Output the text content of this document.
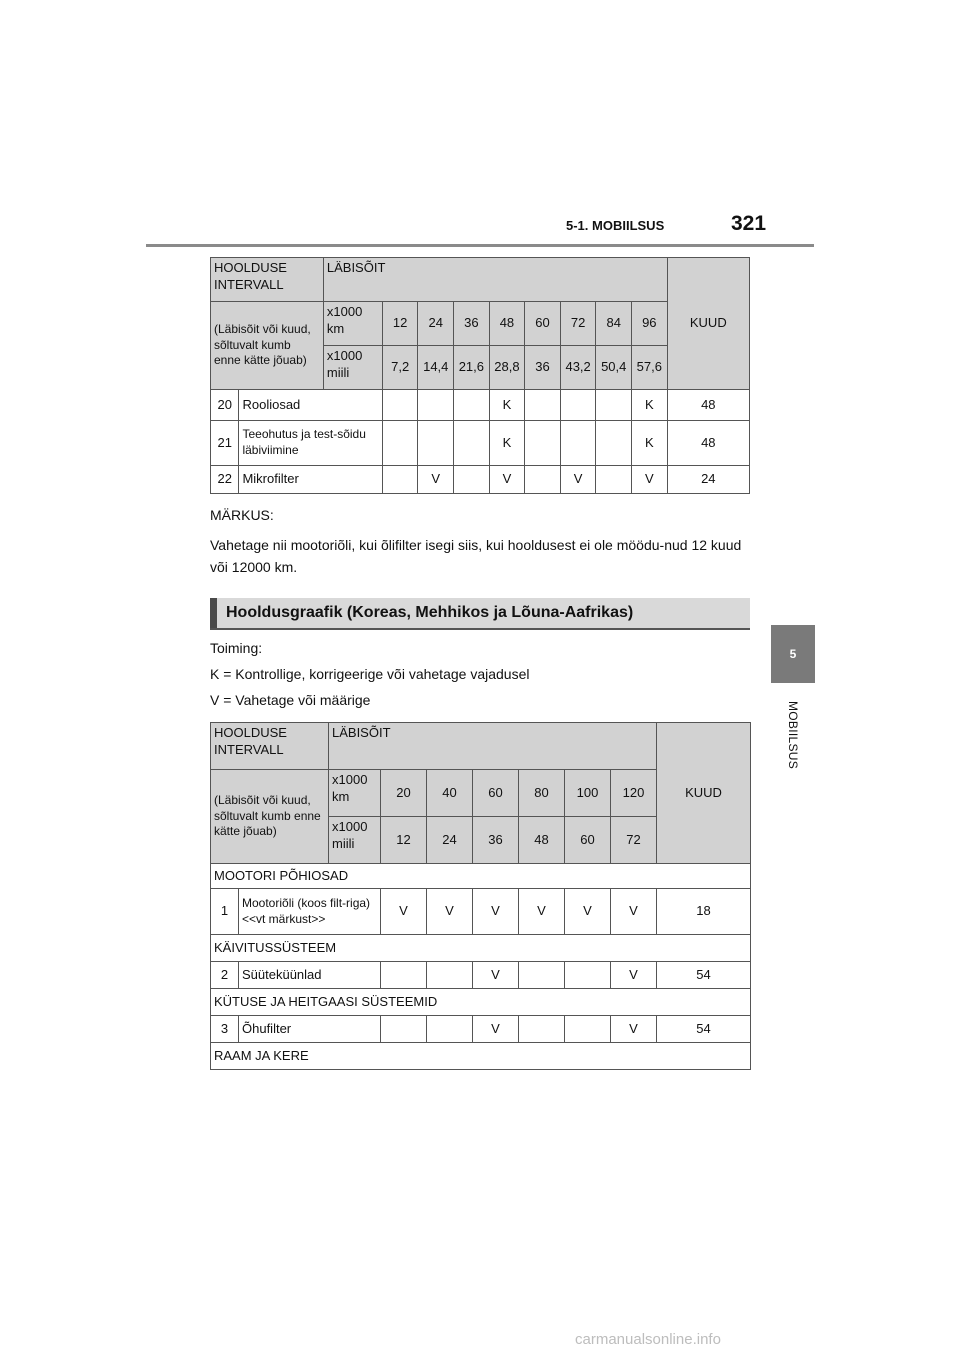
5-1. MOBIILSUS	321
5
MOBIILSUS
HOOLDUSE INTERVALL		LÄBISÕIT									KUUD
(Läbisõit või kuud, sõltuvalt kumb enne kätte jõuab)		x1000 km	12	24	36	48	60	72	84	96	
		x1000 miili	7,2	14,4	21,6	28,8	36	43,2	50,4	57,6	
20	Rooliosad					K				K	48
21	Teeohutus ja test-sõidu läbiviimine					K				K	48
22	Mikrofilter			V		V		V		V	24
MÄRKUS:
Vahetage nii mootoriõli, kui õlifilter isegi siis, kui hooldusest ei ole möödu-nud 12 kuud või 12000 km.
Hooldusgraafik (Koreas, Mehhikos ja Lõuna-Aafrikas)
Toiming:
K = Kontrollige, korrigeerige või vahetage vajadusel
V = Vahetage või määrige
HOOLDUSE INTERVALL		LÄBISÕIT							KUUD
(Läbisõit või kuud, sõltuvalt kumb enne kätte jõuab)		x1000 km	20	40	60	80	100	120	
		x1000 miili	12	24	36	48	60	72	
MOOTORI PÕHIOSAD									
1	Mootoriõli (koos filt-riga) <<vt märkust>>		V	V	V	V	V	V	18
KÄIVITUSSÜSTEEM									
2	Süüteküünlad				V			V	54
KÜTUSE JA HEITGAASI SÜSTEEMID									
3	Õhufilter				V			V	54
RAAM JA KERE									
carmanualsonline.info
